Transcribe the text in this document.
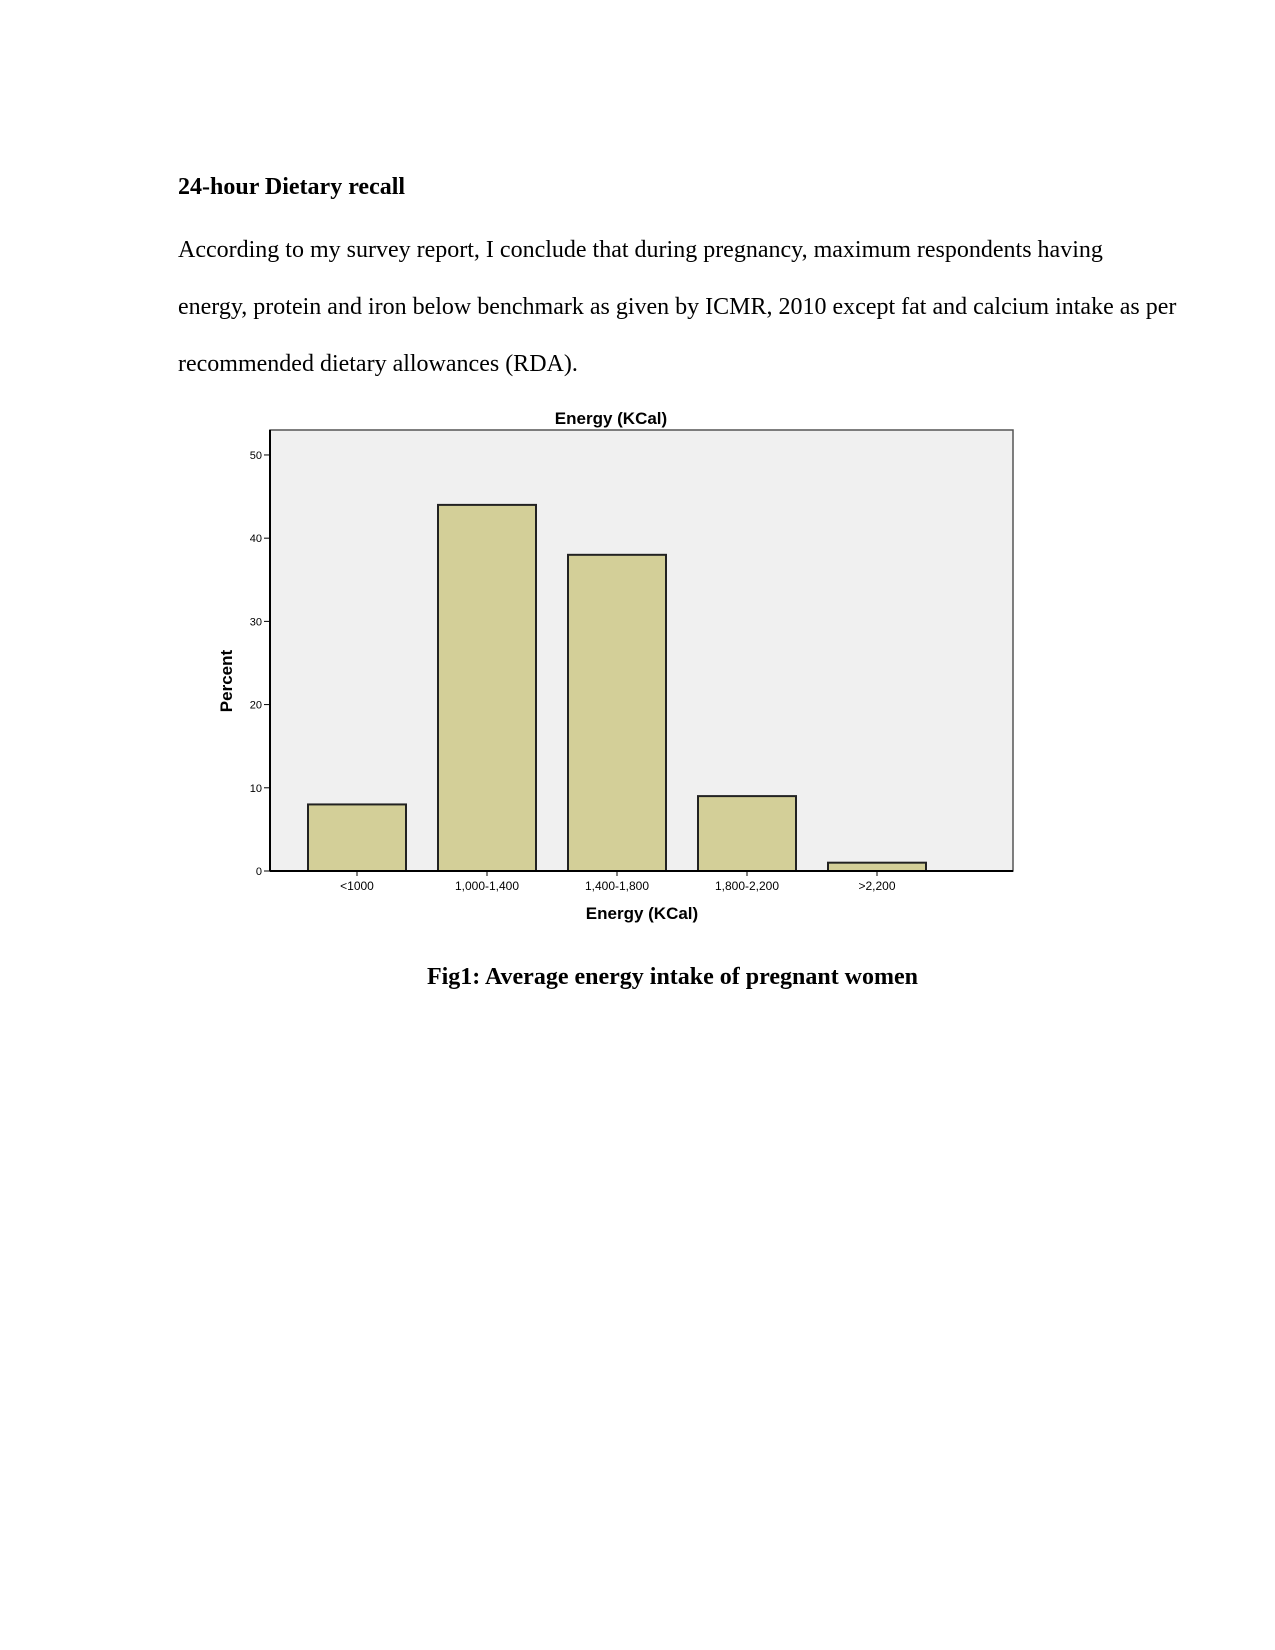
24-hour Dietary recall

According to my survey report, I conclude that during pregnancy, maximum respondents having energy, protein and iron below benchmark as given by ICMR, 2010 except fat and calcium intake as per recommended dietary allowances (RDA).

Energy (KCal)
0
10
20
30
40
50
<1000	1,000-1,400	1,400-1,800	1,800-2,200	>2,200
Energy (KCal)
Percent

Fig1: Average energy intake of pregnant women
